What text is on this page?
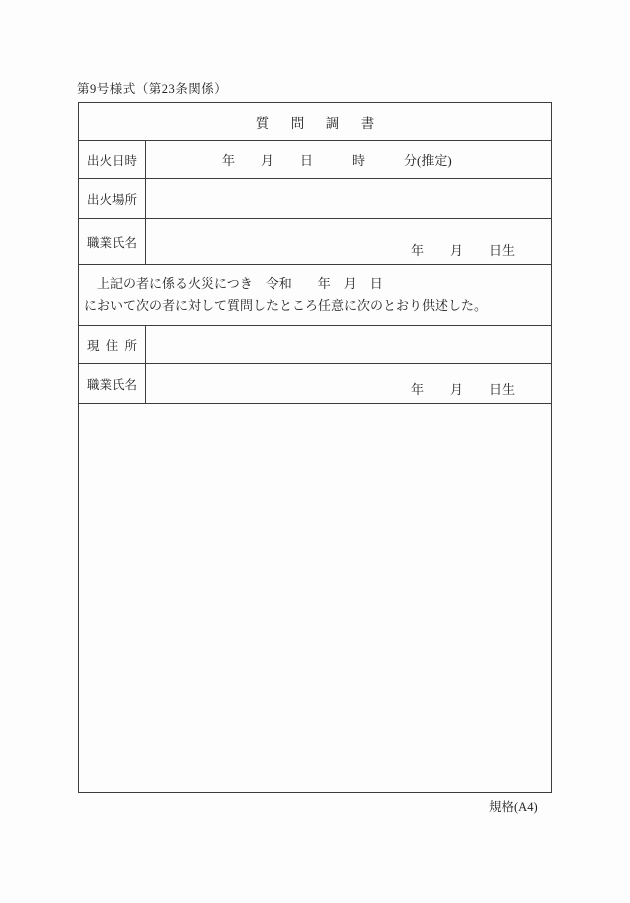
第9号様式（第23条関係）
質　問　調　書
出火日時	年　　月　　日　　　時　　　分(推定)
出火場所
職業氏名
年　　月　　日生
　上記の者に係る火災につき　令和　　年　月　日
において次の者に対して質問したところ任意に次のとおり供述した。
現住所
職業氏名	年　　月　　日生
規格(A4)
